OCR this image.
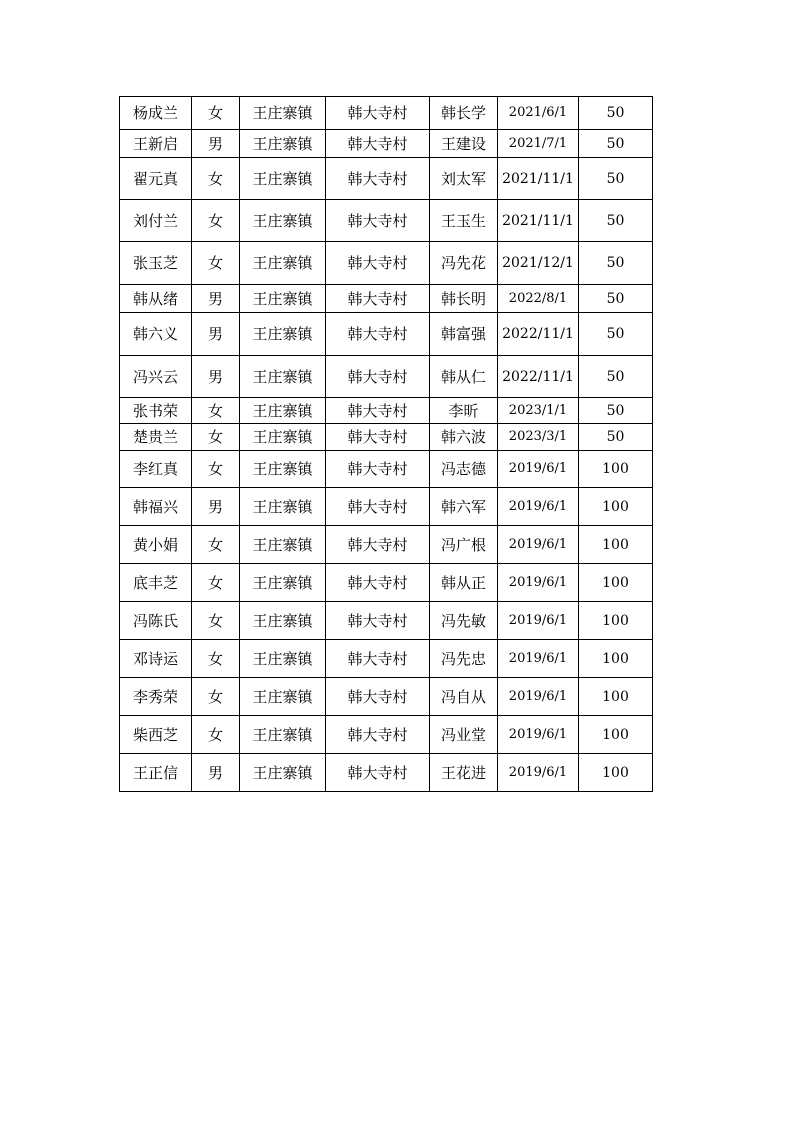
杨成兰	女	王庄寨镇	韩大寺村	韩长学	2021/6/1	50
王新启	男	王庄寨镇	韩大寺村	王建设	2021/7/1	50
翟元真	女	王庄寨镇	韩大寺村	刘太军	2021/11/1	50
刘付兰	女	王庄寨镇	韩大寺村	王玉生	2021/11/1	50
张玉芝	女	王庄寨镇	韩大寺村	冯先花	2021/12/1	50
韩从绪	男	王庄寨镇	韩大寺村	韩长明	2022/8/1	50
韩六义	男	王庄寨镇	韩大寺村	韩富强	2022/11/1	50
冯兴云	男	王庄寨镇	韩大寺村	韩从仁	2022/11/1	50
张书荣	女	王庄寨镇	韩大寺村	李昕	2023/1/1	50
楚贵兰	女	王庄寨镇	韩大寺村	韩六波	2023/3/1	50
李红真	女	王庄寨镇	韩大寺村	冯志德	2019/6/1	100
韩福兴	男	王庄寨镇	韩大寺村	韩六军	2019/6/1	100
黄小娟	女	王庄寨镇	韩大寺村	冯广根	2019/6/1	100
底丰芝	女	王庄寨镇	韩大寺村	韩从正	2019/6/1	100
冯陈氏	女	王庄寨镇	韩大寺村	冯先敏	2019/6/1	100
邓诗运	女	王庄寨镇	韩大寺村	冯先忠	2019/6/1	100
李秀荣	女	王庄寨镇	韩大寺村	冯自从	2019/6/1	100
柴西芝	女	王庄寨镇	韩大寺村	冯业堂	2019/6/1	100
王正信	男	王庄寨镇	韩大寺村	王花进	2019/6/1	100
